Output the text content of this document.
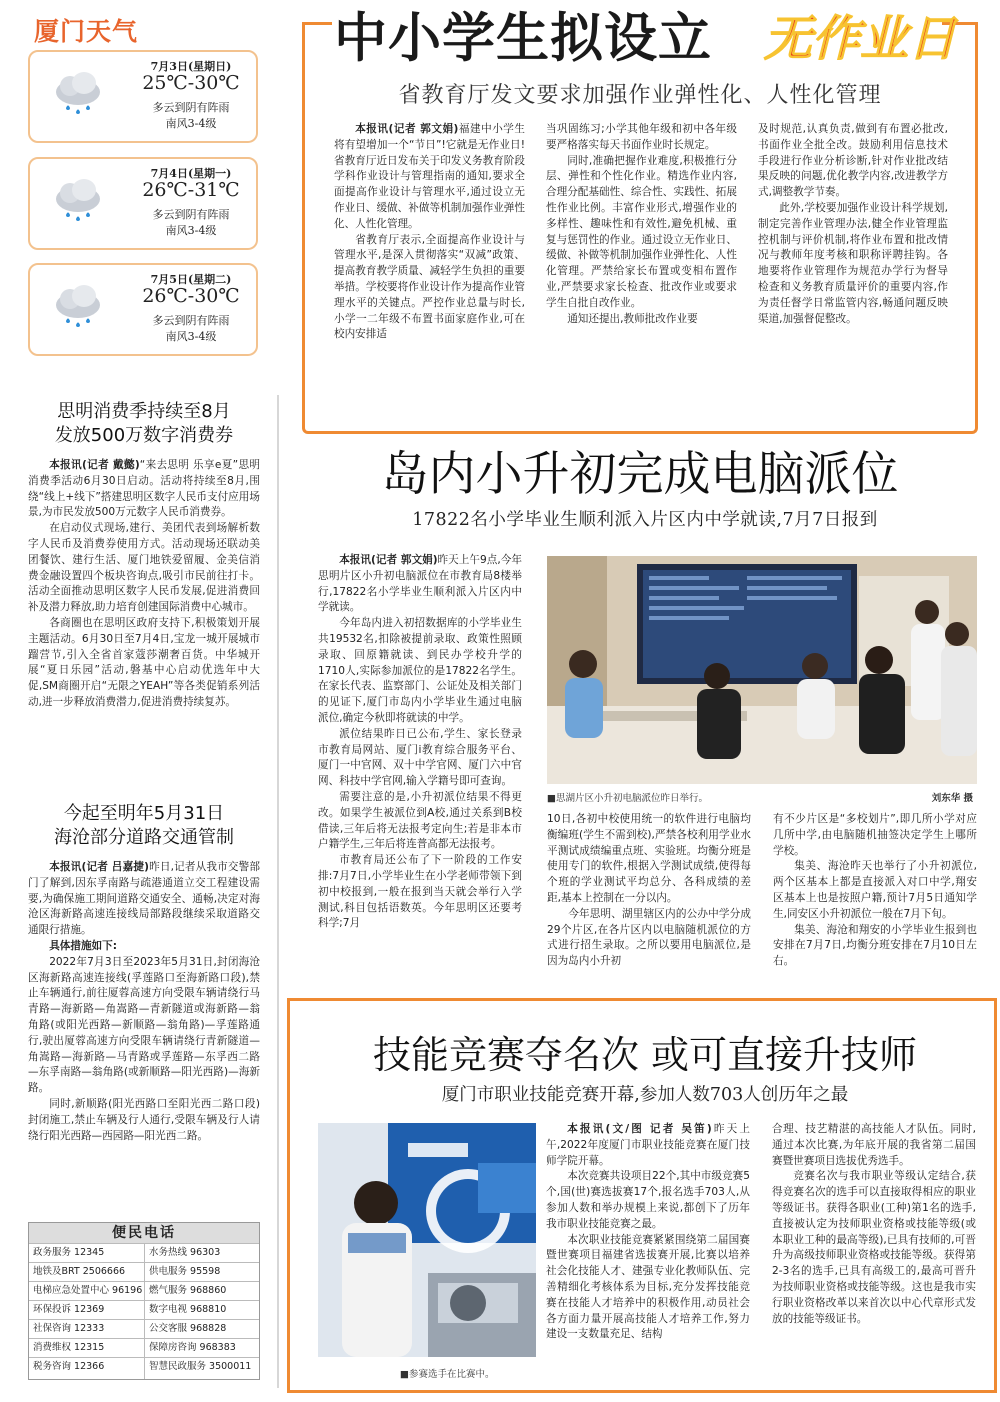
厦门天气
7月3日(星期日)
25℃-30℃
多云到阴有阵雨
南风3-4级
7月4日(星期一)
26℃-31℃
多云到阴有阵雨
南风3-4级
7月5日(星期二)
26℃-30℃
多云到阴有阵雨
南风3-4级
思明消费季持续至8月
发放500万数字消费券

本报讯(记者 戴懿)“来去思明 乐享e夏”思明消费季活动6月30日启动。活动将持续至8月,围绕“线上+线下”搭建思明区数字人民币支付应用场景,为市民发放500万元数字人民币消费券。

在启动仪式现场,建行、美团代表到场解析数字人民币及消费券使用方式。活动现场还联动美团餐饮、建行生活、厦门地铁爱留履、金美信消费金融设置四个板块咨询点,吸引市民前往打卡。活动全面推动思明区数字人民币发展,促进消费回补及潜力释放,助力培育创建国际消费中心城市。

各商圈也在思明区政府支持下,积极策划开展主题活动。6月30日至7月4日,宝龙一城开展城市蹓营节,引入全省首家蔻莎潮奢百货。中华城开展“夏日乐园”活动,磐基中心启动优选年中大促,SM商圈开启“无限之YEAH”等各类促销系列活动,进一步释放消费潜力,促进消费持续复苏。

今起至明年5月31日
海沧部分道路交通管制

本报讯(记者 吕嘉捷)昨日,记者从我市交警部门了解到,因东孚南路与疏港通道立交工程建设需要,为确保施工期间道路交通安全、通畅,决定对海沧区海新路高速连接线局部路段继续采取道路交通限行措施。

具体措施如下:

2022年7月3日至2023年5月31日,封闭海沧区海新路高速连接线(孚莲路口至海新路口段),禁止车辆通行,前往厦蓉高速方向受限车辆请绕行马青路—海新路—角嵩路—青新隧道或海新路—翁角路(或阳光西路—新顺路—翁角路)—孚莲路通行,驶出厦蓉高速方向受限车辆请绕行青新隧道—角嵩路—海新路—马青路或孚莲路—东孚西二路—东孚南路—翁角路(或新顺路—阳光西路)—海新路。

同时,新顺路(阳光西路口至阳光西二路口段)封闭施工,禁止车辆及行人通行,受限车辆及行人请绕行阳光西路—西园路—阳光西二路。

便民电话
政务服务 12345	水务热线 96303
地铁及BRT 2506666	供电服务 95598
电梯应急处置中心 96196 燃气服务 968860
环保投诉 12369	数字电视 968810
社保咨询 12333	公交客服 968828
消费维权 12315	保障房咨询 968383
税务咨询 12366	智慧民政服务 3500011
中小学生拟设立 无作业日
省教育厅发文要求加强作业弹性化、人性化管理

本报讯(记者 郭文娟)福建中小学生将有望增加一个“节日”!它就是无作业日!省教育厅近日发布关于印发义务教育阶段学科作业设计与管理指南的通知,要求全面提高作业设计与管理水平,通过设立无作业日、缓做、补做等机制加强作业弹性化、人性化管理。

省教育厅表示,全面提高作业设计与管理水平,是深入贯彻落实“双减”政策、提高教育教学质量、减轻学生负担的重要举措。学校要将作业设计作为提高作业管理水平的关键点。严控作业总量与时长,小学一二年级不布置书面家庭作业,可在校内安排适

当巩固练习;小学其他年级和初中各年级要严格落实每天书面作业时长规定。

同时,准确把握作业难度,积极推行分层、弹性和个性化作业。精选作业内容,合理分配基础性、综合性、实践性、拓展性作业比例。丰富作业形式,增强作业的多样性、趣味性和有效性,避免机械、重复与惩罚性的作业。通过设立无作业日、缓做、补做等机制加强作业弹性化、人性化管理。严禁给家长布置或变相布置作业,严禁要求家长检查、批改作业或要求学生自批自改作业。

通知还提出,教师批改作业要

及时规范,认真负责,做到有布置必批改,书面作业全批全改。鼓励利用信息技术手段进行作业分析诊断,针对作业批改结果反映的问题,优化教学内容,改进教学方式,调整教学节奏。

此外,学校要加强作业设计科学规划,制定完善作业管理办法,健全作业管理监控机制与评价机制,将作业布置和批改情况与教师年度考核和职称评聘挂钩。各地要将作业管理作为规范办学行为督导检查和义务教育质量评价的重要内容,作为责任督学日常监管内容,畅通问题反映渠道,加强督促整改。

岛内小升初完成电脑派位
17822名小学毕业生顺利派入片区内中学就读,7月7日报到

本报讯(记者 郭文娟)昨天上午9点,今年思明片区小升初电脑派位在市教育局8楼举行,17822名小学毕业生顺利派入片区内中学就读。

今年岛内进入初招数据库的小学毕业生共19532名,扣除被提前录取、政策性照顾录取、回原籍就读、到民办学校升学的1710人,实际参加派位的是17822名学生。在家长代表、监察部门、公证处及相关部门的见证下,厦门市岛内小学毕业生通过电脑派位,确定今秋即将就读的中学。

派位结果昨日已公布,学生、家长登录市教育局网站、厦门i教育综合服务平台、厦门一中官网、双十中学官网、厦门六中官网、科技中学官网,输入学籍号即可查询。

需要注意的是,小升初派位结果不得更改。如果学生被派位到A校,通过关系到B校借读,三年后将无法报考定向生;若是非本市户籍学生,三年后将连普高都无法报考。

市教育局还公布了下一阶段的工作安排:7月7日,小学毕业生在小学老师带领下到初中校报到,一般在报到当天就会举行入学测试,科目包括语数英。今年思明区还要考科学;7月

■思湖片区小升初电脑派位昨日举行。	刘东华 摄

10日,各初中校使用统一的软件进行电脑均衡编班(学生不需到校),严禁各校利用学业水平测试成绩编重点班、实验班。均衡分班是使用专门的软件,根据入学测试成绩,使得每个班的学业测试平均总分、各科成绩的差距,基本上控制在一分以内。

今年思明、湖里辖区内的公办中学分成29个片区,在各片区内以电脑随机派位的方式进行招生录取。之所以要用电脑派位,是因为岛内小升初

有不少片区是“多校划片”,即几所小学对应几所中学,由电脑随机抽签决定学生上哪所学校。

集美、海沧昨天也举行了小升初派位,两个区基本上都是直接派入对口中学,翔安区基本上也是按照户籍,预计7月5日通知学生,同安区小升初派位一般在7月下旬。

集美、海沧和翔安的小学毕业生报到也安排在7月7日,均衡分班安排在7月10日左右。

技能竞赛夺名次 或可直接升技师
厦门市职业技能竞赛开幕,参加人数703人创历年之最
■参赛选手在比赛中。

本报讯(文/图 记者 吴笛)昨天上午,2022年度厦门市职业技能竞赛在厦门技师学院开幕。

本次竞赛共设项目22个,其中市级竞赛5个,国(世)赛选拔赛17个,报名选手703人,从参加人数和举办规模上来说,都创下了历年我市职业技能竞赛之最。

本次职业技能竞赛紧紧围绕第二届国赛暨世赛项目福建省选拔赛开展,比赛以培养社会化技能人才、建强专业化教师队伍、完善精细化考核体系为目标,充分发挥技能竞赛在技能人才培养中的积极作用,动员社会各方面力量开展高技能人才培养工作,努力建设一支数量充足、结构

合理、技艺精湛的高技能人才队伍。同时,通过本次比赛,为年底开展的我省第二届国赛暨世赛项目选拔优秀选手。

竞赛名次与我市职业等级认定结合,获得竞赛名次的选手可以直接取得相应的职业等级证书。获得各职业(工种)第1名的选手,直接被认定为技师职业资格或技能等级(或本职业工种的最高等级),已具有技师的,可晋升为高级技师职业资格或技能等级。获得第2-3名的选手,已具有高级工的,最高可晋升为技师职业资格或技能等级。这也是我市实行职业资格改革以来首次以中心代章形式发放的技能等级证书。
